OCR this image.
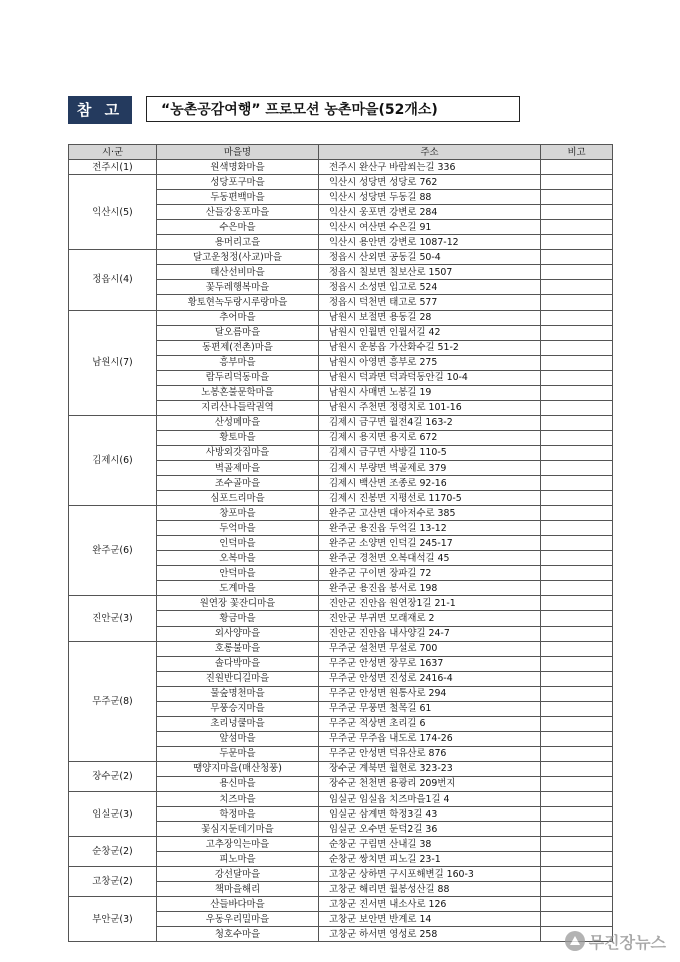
참 고	“농촌공감여행” 프로모션 농촌마을(52개소)
시·군	마을명	주소	비고
전주시(1)	원색명화마을	전주시 완산구 바람쐬는길 336	
익산시(5)	성당포구마을	익산시 성당면 성당로 762	
	두동편백마을	익산시 성당면 두동길 88	
	산들강웅포마을	익산시 웅포면 강변로 284	
	수은마을	익산시 여산면 수은길 91	
	용머리고을	익산시 용안면 강변로 1087-12	
정읍시(4)	달고운청정(사교)마을	정읍시 산외면 공동길 50-4	
	태산선비마을	정읍시 칠보면 칠보산로 1507	
	꽃두레행복마을	정읍시 소성면 입고로 524	
	황토현녹두랑시루랑마을	정읍시 덕천면 태고로 577	
남원시(7)	추어마을	남원시 보절면 용동길 28	
	달오름마을	남원시 인월면 인월서길 42	
	동편제(전촌)마을	남원시 운봉읍 가산화수길 51-2	
	흥부마을	남원시 아영면 흥부로 275	
	람두리덕동마을	남원시 덕과면 덕과덕동안길 10-4	
	노봉혼불문학마을	남원시 사매면 노봉길 19	
	지리산나들락권역	남원시 주천면 정령치로 101-16	
김제시(6)	산성메마을	김제시 금구면 월전4길 163-2	
	황토마을	김제시 용지면 용지로 672	
	사방외갓집마을	김제시 금구면 사방길 110-5	
	벽골제마을	김제시 부량면 벽골제로 379	
	조수골마을	김제시 백산면 조종로 92-16	
	심포드리마을	김제시 진봉면 지평선로 1170-5	
완주군(6)	창포마을	완주군 고산면 대아저수로 385	
	두억마을	완주군 용진읍 두억길 13-12	
	인덕마을	완주군 소양면 인덕길 245-17	
	오복마을	완주군 경천면 오복대석길 45	
	안덕마을	완주군 구이면 장파길 72	
	도계마을	완주군 용진읍 봉서로 198	
진안군(3)	원연장 꽃잔디마을	진안군 진안읍 원연장1길 21-1	
	황금마을	진안군 부귀면 모래재로 2	
	외사양마을	진안군 진안읍 내사양길 24-7	
무주군(8)	호롱불마을	무주군 설천면 무설로 700	
	솔다박마을	무주군 안성면 장무로 1637	
	진원반디길마을	무주군 안성면 진성로 2416-4	
	물숲명천마을	무주군 안성면 원통사로 294	
	무풍승지마을	무주군 무풍면 철목길 61	
	초리넝쿨마을	무주군 적상면 초리길 6	
	앞섬마을	무주군 무주읍 내도로 174-26	
	두문마을	무주군 안성면 덕유산로 876	
장수군(2)	땡양지마을(매산청풍)	장수군 계북면 월현로 323-23	
	용신마을	장수군 천천면 용광리 209번지	
임실군(3)	치즈마을	임실군 임실읍 치즈마을1길 4	
	학정마을	임실군 삼계면 학정3길 43	
	꽃심지둔데기마을	임실군 오수면 둔덕2길 36	
순창군(2)	고추장익는마을	순창군 구림면 산내길 38	
	피노마을	순창군 쌍치면 피노길 23-1	
고창군(2)	강선달마을	고창군 상하면 구시포해변길 160-3	
	책마을해리	고창군 해리면 월봉성산길 88	
부안군(3)	산들바다마을	고창군 진서면 내소사로 126	
	우동우리밀마을	고창군 보안면 반계로 14	
	청호수마을	고창군 하서면 영성로 258		무진장뉴스
